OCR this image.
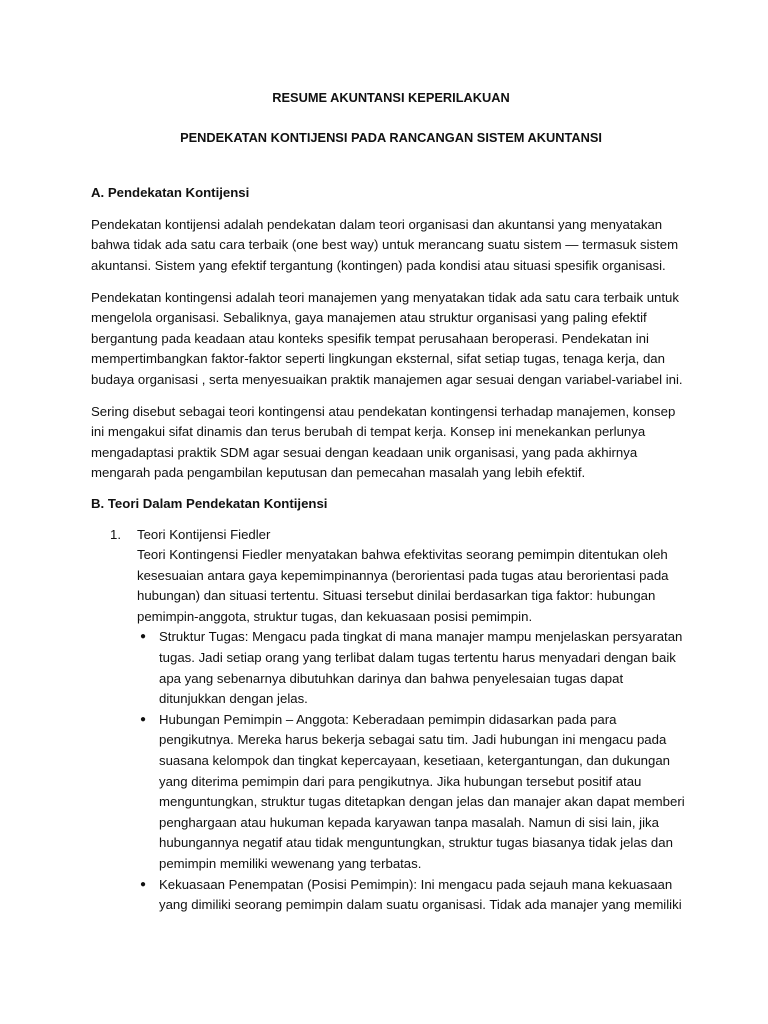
RESUME AKUNTANSI KEPERILAKUAN

PENDEKATAN KONTIJENSI PADA RANCANGAN SISTEM AKUNTANSI

A. Pendekatan Kontijensi

Pendekatan kontijensi adalah pendekatan dalam teori organisasi dan akuntansi yang menyatakan bahwa tidak ada satu cara terbaik (one best way) untuk merancang suatu sistem — termasuk sistem akuntansi. Sistem yang efektif tergantung (kontingen) pada kondisi atau situasi spesifik organisasi.

Pendekatan kontingensi adalah teori manajemen yang menyatakan tidak ada satu cara terbaik untuk mengelola organisasi. Sebaliknya, gaya manajemen atau struktur organisasi yang paling efektif bergantung pada keadaan atau konteks spesifik tempat perusahaan beroperasi. Pendekatan ini mempertimbangkan faktor-faktor seperti lingkungan eksternal, sifat setiap tugas, tenaga kerja, dan budaya organisasi , serta menyesuaikan praktik manajemen agar sesuai dengan variabel-variabel ini.

Sering disebut sebagai teori kontingensi atau pendekatan kontingensi terhadap manajemen, konsep ini mengakui sifat dinamis dan terus berubah di tempat kerja. Konsep ini menekankan perlunya mengadaptasi praktik SDM agar sesuai dengan keadaan unik organisasi, yang pada akhirnya mengarah pada pengambilan keputusan dan pemecahan masalah yang lebih efektif.

B. Teori Dalam Pendekatan Kontijensi

1. Teori Kontijensi Fiedler
Teori Kontingensi Fiedler menyatakan bahwa efektivitas seorang pemimpin ditentukan oleh kesesuaian antara gaya kepemimpinannya (berorientasi pada tugas atau berorientasi pada hubungan) dan situasi tertentu. Situasi tersebut dinilai berdasarkan tiga faktor: hubungan pemimpin-anggota, struktur tugas, dan kekuasaan posisi pemimpin.
● Struktur Tugas: Mengacu pada tingkat di mana manajer mampu menjelaskan persyaratan tugas. Jadi setiap orang yang terlibat dalam tugas tertentu harus menyadari dengan baik apa yang sebenarnya dibutuhkan darinya dan bahwa penyelesaian tugas dapat ditunjukkan dengan jelas.
● Hubungan Pemimpin – Anggota: Keberadaan pemimpin didasarkan pada para pengikutnya. Mereka harus bekerja sebagai satu tim. Jadi hubungan ini mengacu pada suasana kelompok dan tingkat kepercayaan, kesetiaan, ketergantungan, dan dukungan yang diterima pemimpin dari para pengikutnya. Jika hubungan tersebut positif atau menguntungkan, struktur tugas ditetapkan dengan jelas dan manajer akan dapat memberi penghargaan atau hukuman kepada karyawan tanpa masalah. Namun di sisi lain, jika hubungannya negatif atau tidak menguntungkan, struktur tugas biasanya tidak jelas dan pemimpin memiliki wewenang yang terbatas.
● Kekuasaan Penempatan (Posisi Pemimpin): Ini mengacu pada sejauh mana kekuasaan yang dimiliki seorang pemimpin dalam suatu organisasi. Tidak ada manajer yang memiliki
